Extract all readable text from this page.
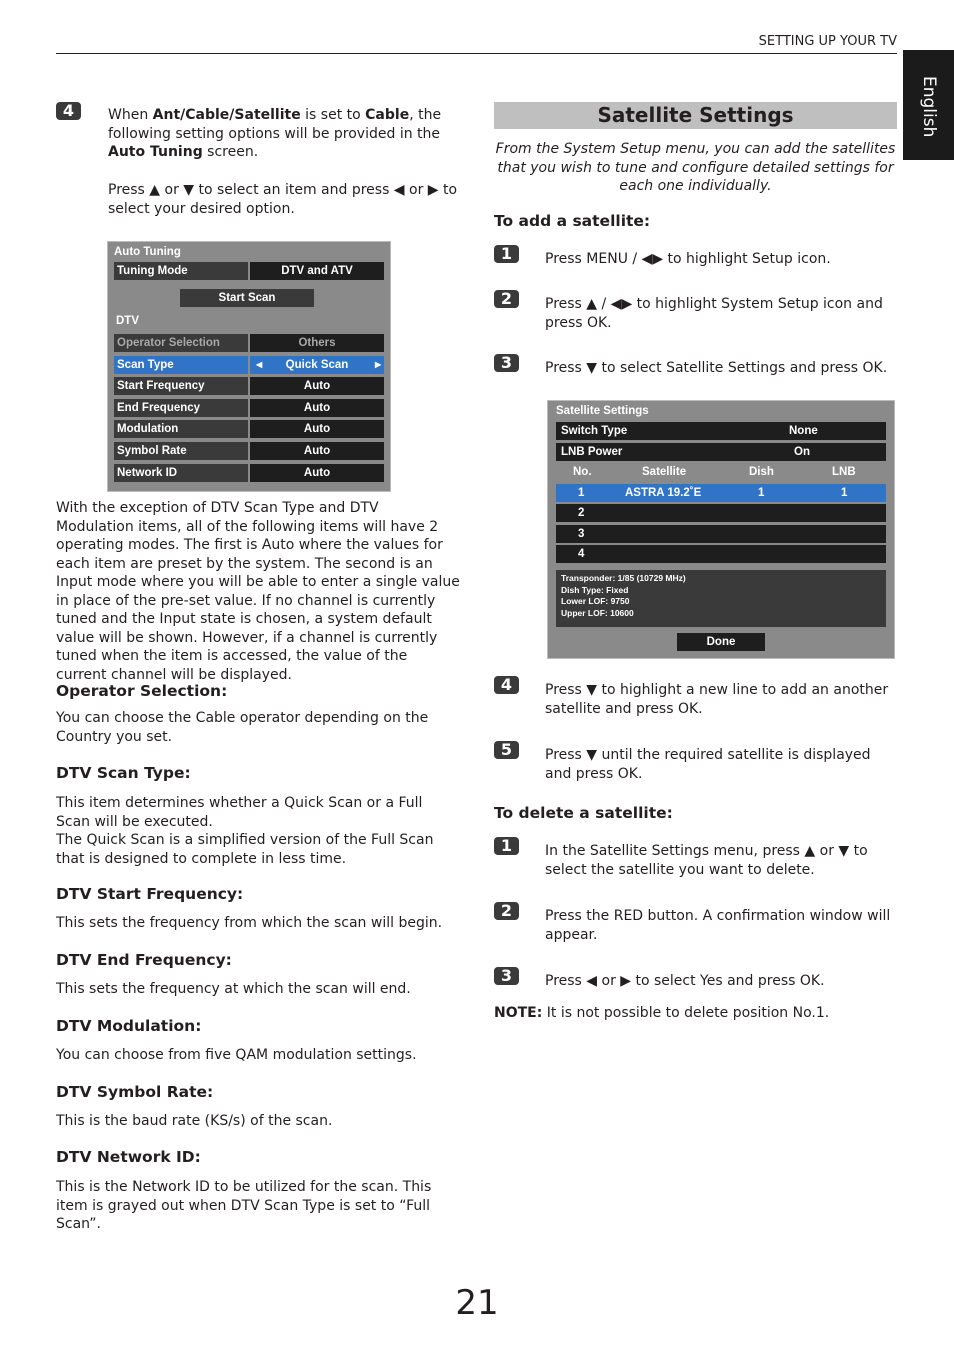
SETTING UP YOUR TV
English
4	When Ant/Cable/Satellite is set to Cable, the following setting options will be provided in the Auto Tuning screen.
Press ▲ or ▼ to select an item and press ◀ or ▶ to select your desired option.
Auto Tuning
Tuning Mode	DTV and ATV
Start Scan
DTV
Operator Selection	Others
Scan Type	Quick Scan
◀	▶
Start Frequency	Auto
End Frequency	Auto
Modulation	Auto
Symbol Rate	Auto
Network ID	Auto
With the exception of DTV Scan Type and DTV Modulation items, all of the following items will have 2 operating modes. The first is Auto where the values for each item are preset by the system. The second is an Input mode where you will be able to enter a single value in place of the pre-set value. If no channel is currently tuned and the Input state is chosen, a system default value will be shown. However, if a channel is currently tuned when the item is accessed, the value of the current channel will be displayed.
Operator Selection:
You can choose the Cable operator depending on the Country you set.
DTV Scan Type:
This item determines whether a Quick Scan or a Full Scan will be executed.
The Quick Scan is a simplified version of the Full Scan that is designed to complete in less time.
DTV Start Frequency:
This sets the frequency from which the scan will begin.
DTV End Frequency:
This sets the frequency at which the scan will end.
DTV Modulation:
You can choose from five QAM modulation settings.
DTV Symbol Rate:
This is the baud rate (KS/s) of the scan.
DTV Network ID:
This is the Network ID to be utilized for the scan. This item is grayed out when DTV Scan Type is set to “Full Scan”.
Satellite Settings
From the System Setup menu, you can add the satellites that you wish to tune and configure detailed settings for each one individually.
To add a satellite:
1	Press MENU / ◀▶ to highlight Setup icon.
2	Press ▲ / ◀▶ to highlight System Setup icon and press OK.
3	Press ▼ to select Satellite Settings and press OK.
4	Press ▼ to highlight a new line to add an another satellite and press OK.
5	Press ▼ until the required satellite is displayed and press OK.
Satellite Settings
Switch Type	None
LNB Power	On
No.	Satellite	Dish	LNB
1	ASTRA 19.2˚E	1	1
2
3
4
Transponder: 1/85 (10729 MHz)
Dish Type: Fixed
Lower LOF: 9750
Upper LOF: 10600
Done
To delete a satellite:
1	In the Satellite Settings menu, press ▲ or ▼ to select the satellite you want to delete.
2	Press the RED button. A confirmation window will appear.
3	Press ◀ or ▶ to select Yes and press OK.
NOTE: It is not possible to delete position No.1.
21
